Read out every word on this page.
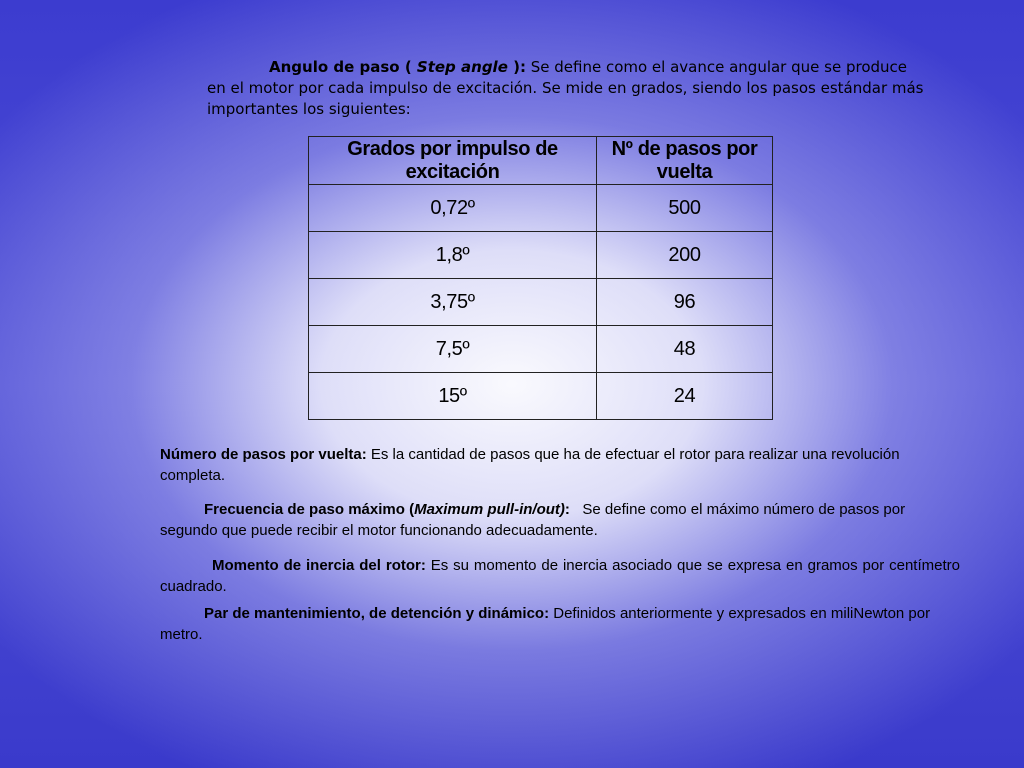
Angulo de paso ( Step angle ): Se define como el avance angular que se produce en el motor por cada impulso de excitación. Se mide en grados, siendo los pasos estándar más importantes los siguientes:
Grados por impulso de excitación	Nº de pasos por vuelta
0,72º	500
1,8º	200
3,75º	96
7,5º	48
15º	24
Número de pasos por vuelta: Es la cantidad de pasos que ha de efectuar el rotor para realizar una revolución completa.
Frecuencia de paso máximo (Maximum pull-in/out):   Se define como el máximo número de pasos por segundo que puede recibir el motor funcionando adecuadamente.
Momento de inercia del rotor: Es su momento de inercia asociado que se expresa en gramos por centímetro cuadrado.
Par de mantenimiento, de detención y dinámico: Definidos anteriormente y expresados en miliNewton por metro.
